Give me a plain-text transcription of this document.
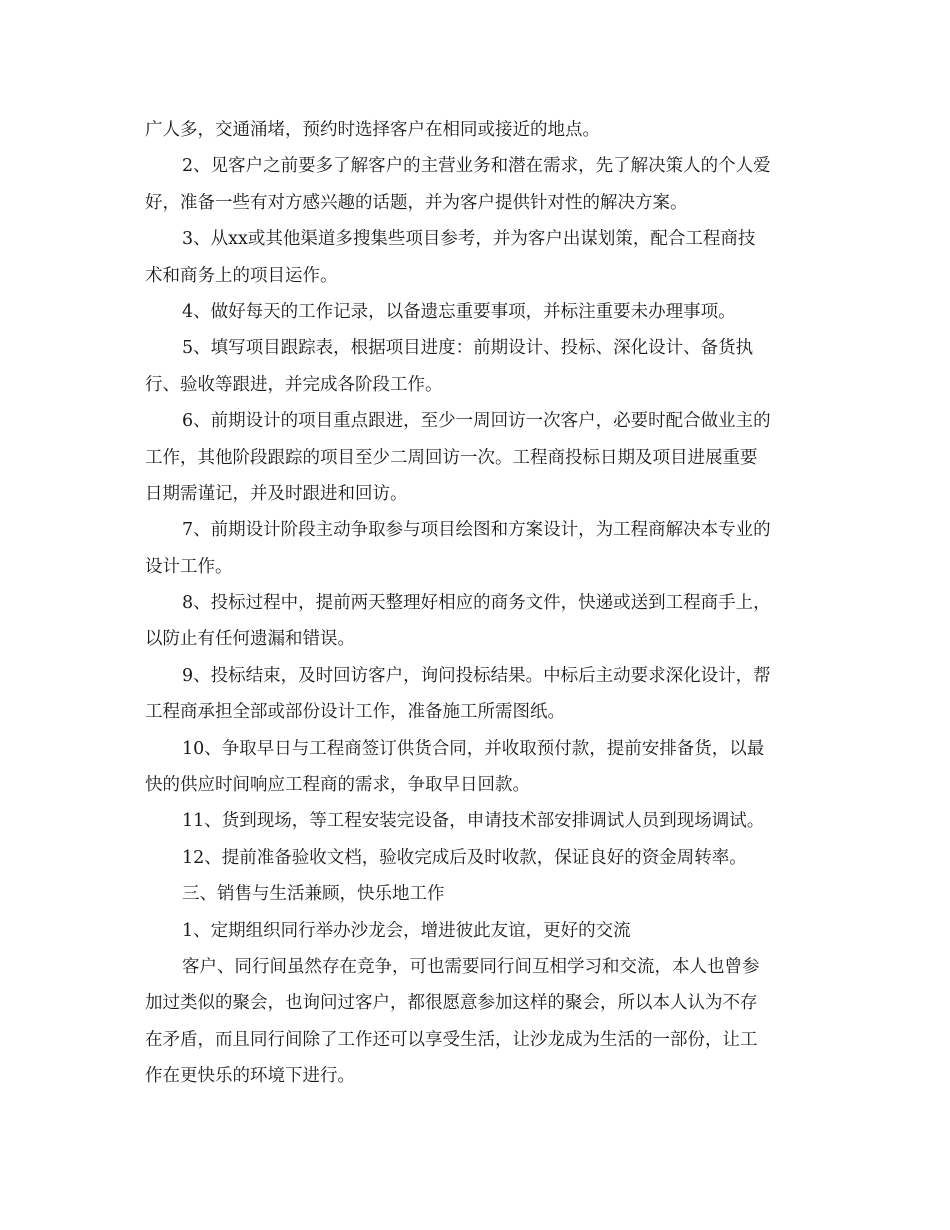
广人多，交通涌堵，预约时选择客户在相同或接近的地点。
2、见客户之前要多了解客户的主营业务和潜在需求，先了解决策人的个人爱
好，准备一些有对方感兴趣的话题，并为客户提供针对性的解决方案。
3、从xx或其他渠道多搜集些项目参考，并为客户出谋划策，配合工程商技
术和商务上的项目运作。
4、做好每天的工作记录，以备遗忘重要事项，并标注重要未办理事项。
5、填写项目跟踪表，根据项目进度：前期设计、投标、深化设计、备货执
行、验收等跟进，并完成各阶段工作。
6、前期设计的项目重点跟进，至少一周回访一次客户，必要时配合做业主的
工作，其他阶段跟踪的项目至少二周回访一次。工程商投标日期及项目进展重要
日期需谨记，并及时跟进和回访。
7、前期设计阶段主动争取参与项目绘图和方案设计，为工程商解决本专业的
设计工作。
8、投标过程中，提前两天整理好相应的商务文件，快递或送到工程商手上，
以防止有任何遗漏和错误。
9、投标结束，及时回访客户，询问投标结果。中标后主动要求深化设计，帮
工程商承担全部或部份设计工作，准备施工所需图纸。
10、争取早日与工程商签订供货合同，并收取预付款，提前安排备货，以最
快的供应时间响应工程商的需求，争取早日回款。
11、货到现场，等工程安装完设备，申请技术部安排调试人员到现场调试。
12、提前准备验收文档，验收完成后及时收款，保证良好的资金周转率。
三、销售与生活兼顾，快乐地工作
1、定期组织同行举办沙龙会，增进彼此友谊，更好的交流
客户、同行间虽然存在竞争，可也需要同行间互相学习和交流，本人也曾参
加过类似的聚会，也询问过客户，都很愿意参加这样的聚会，所以本人认为不存
在矛盾，而且同行间除了工作还可以享受生活，让沙龙成为生活的一部份，让工
作在更快乐的环境下进行。
